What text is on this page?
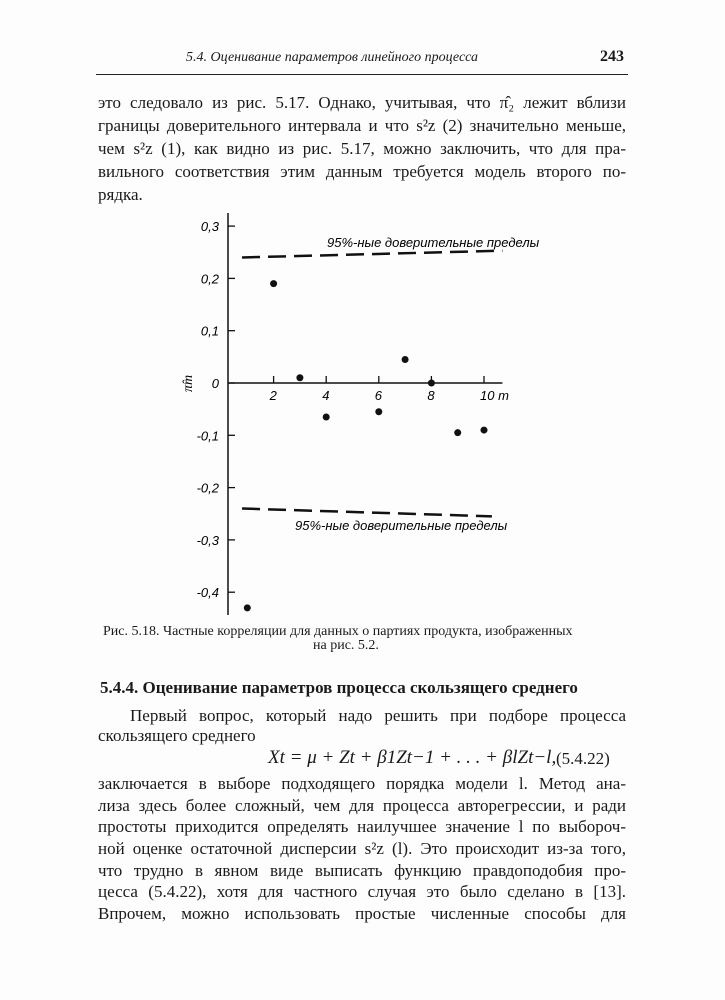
5.4. Оценивание параметров линейного процесса	243
это следовало из рис. 5.17. Однако, учитывая, что π̂₂ лежит вблизи
границы доверительного интервала и что s²z (2) значительно меньше,
чем s²z (1), как видно из рис. 5.17, можно заключить, что для пра-
вильного соответствия этим данным требуется модель второго по-
рядка.
0,3
0,2
0,1
0
-0,1
-0,2
-0,3
-0,4
2	4	6	8	10 m
π̂m
95%-ные доверительные пределы
95%-ные доверительные пределы
Рис. 5.18. Частные корреляции для данных о партиях продукта, изображенных
на рис. 5.2.
5.4.4. Оценивание параметров процесса скользящего среднего
Первый вопрос, который надо решить при подборе процесса
скользящего среднего
Xt = μ + Zt + β1Zt−1 + . . . + βlZt−l, (5.4.22)
заключается в выборе подходящего порядка модели l. Метод ана-
лиза здесь более сложный, чем для процесса авторегрессии, и ради
простоты приходится определять наилучшее значение l по выбороч-
ной оценке остаточной дисперсии s²z (l). Это происходит из-за того,
что трудно в явном виде выписать функцию правдоподобия про-
цесса (5.4.22), хотя для частного случая это было сделано в [13].
Впрочем, можно использовать простые численные способы для
